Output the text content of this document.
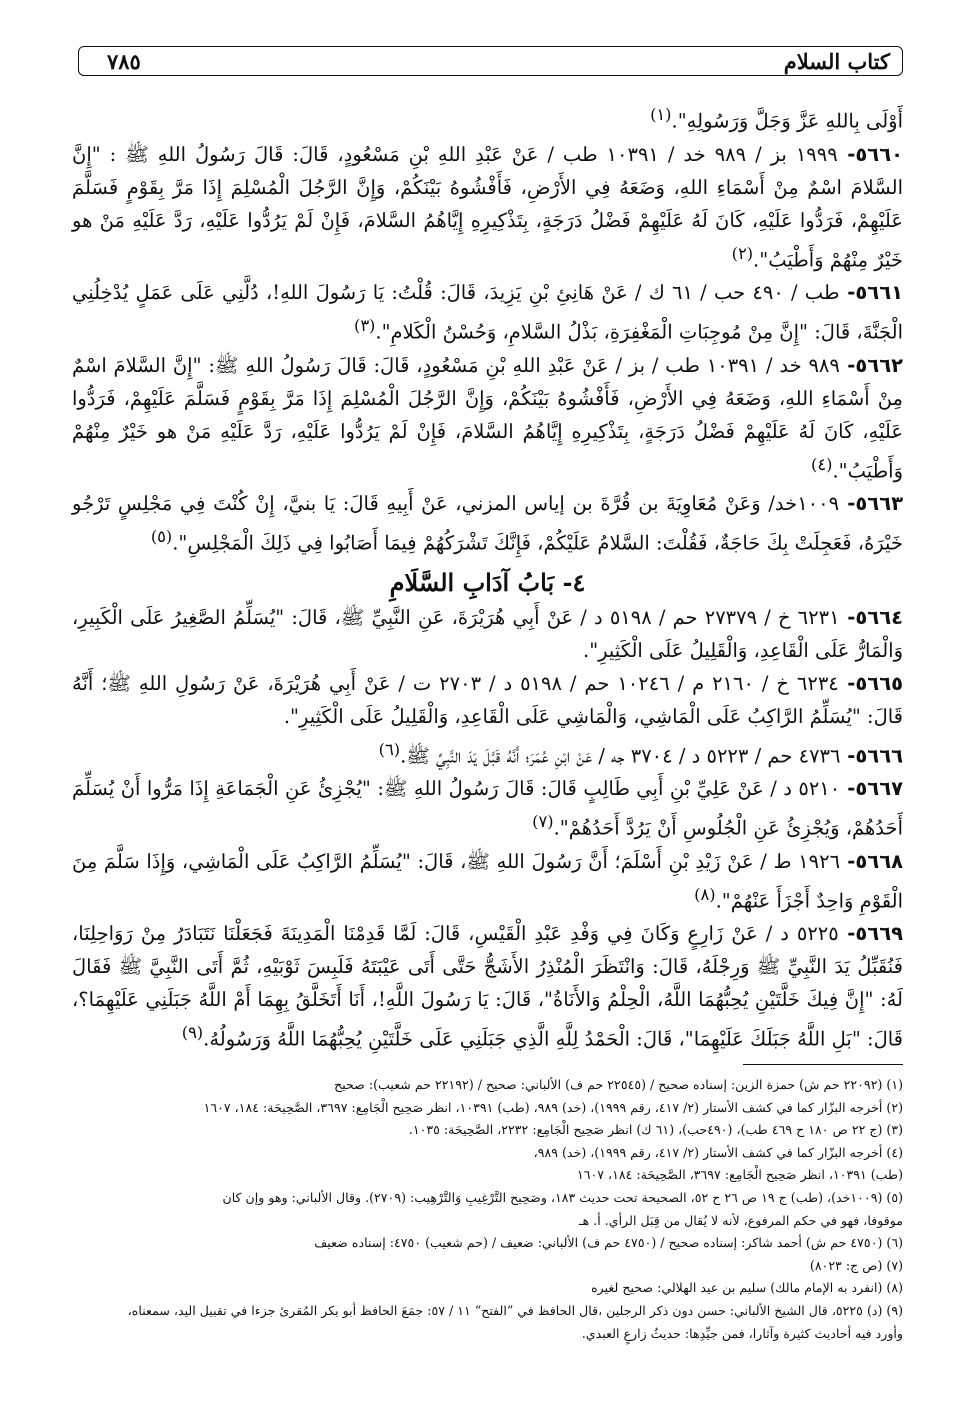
كتاب السلام
٧٨٥

أَوْلَى بِاللهِ عَزَّ وَجَلَّ وَرَسُولِهِ".$^{(١)}$

٥٦٦٠- ١٩٩٩ بز / ٩٨٩ خد / ١٠٣٩١ طب / عَنْ عَبْدِ اللهِ بْنِ مَسْعُودٍ، قَالَ: قَالَ رَسُولُ اللهِ ﷺ : "إِنَّ السَّلامَ اسْمٌ مِنْ أَسْمَاءِ اللهِ، وَضَعَهُ فِي الأَرْضِ، فَأَفْشُوهُ بَيْنَكُمْ، وَإِنَّ الرَّجُلَ الْمُسْلِمَ إِذَا مَرَّ بِقَوْمٍ فَسَلَّمَ عَلَيْهِمْ، فَرَدُّوا عَلَيْهِ، كَانَ لَهُ عَلَيْهِمْ فَضْلُ دَرَجَةٍ، بِتَذْكِيرِهِ إِيَّاهُمُ السَّلامَ، فَإِنْ لَمْ يَرُدُّوا عَلَيْهِ، رَدَّ عَلَيْهِ مَنْ هو خَيْرٌ مِنْهُمْ وَأَطْيَبُ".$^{(٢)}$

٥٦٦١- طب / ٤٩٠ حب / ٦١ ك / عَنْ هَانِئِ بْنِ يَزِيدَ، قَالَ: قُلْتُ: يَا رَسُولَ اللهِ!، دُلَّنِي عَلَى عَمَلٍ يُدْخِلُنِي الْجَنَّةَ، قَالَ: "إِنَّ مِنْ مُوجِبَاتِ الْمَغْفِرَةِ، بَذْلُ السَّلامِ، وَحُسْنُ الْكَلامِ".$^{(٣)}$

٥٦٦٢- ٩٨٩ خد / ١٠٣٩١ طب / بز / عَنْ عَبْدِ اللهِ بْنِ مَسْعُودٍ، قَالَ: قَالَ رَسُولُ اللهِ ﷺ: "إِنَّ السَّلامَ اسْمٌ مِنْ أَسْمَاءِ اللهِ، وَضَعَهُ فِي الأَرْضِ، فَأَفْشُوهُ بَيْنَكُمْ، وَإِنَّ الرَّجُلَ الْمُسْلِمَ إِذَا مَرَّ بِقَوْمٍ فَسَلَّمَ عَلَيْهِمْ، فَرَدُّوا عَلَيْهِ، كَانَ لَهُ عَلَيْهِمْ فَضْلُ دَرَجَةٍ، بِتَذْكِيرِهِ إِيَّاهُمُ السَّلامَ، فَإِنْ لَمْ يَرُدُّوا عَلَيْهِ، رَدَّ عَلَيْهِ مَنْ هو خَيْرٌ مِنْهُمْ وَأَطْيَبُ".$^{(٤)}$

٥٦٦٣- ١٠٠٩خد/ وَعَنْ مُعَاوِيَةَ بن قُرَّةَ بن إياس المزني، عَنْ أَبِيهِ قَالَ: يَا بنيَّ، إِنْ كُنْتَ فِي مَجْلِسٍ تَرْجُو خَيْرَهُ، فَعَجِلَتْ بِكَ حَاجَةٌ، فَقُلْتَ: السَّلامُ عَلَيْكُمْ، فَإِنَّكَ تَشْرَكُهُمْ فِيمَا أَصَابُوا فِي ذَلِكَ الْمَجْلِسِ".$^{(٥)}$

٤- بَابُ آدَابِ السَّلَامِ

٥٦٦٤- ٦٢٣١ خ / ٢٧٣٧٩ حم / ٥١٩٨ د / عَنْ أَبِي هُرَيْرَةَ، عَنِ النَّبِيِّ ﷺ، قَالَ: "يُسَلِّمُ الصَّغِيرُ عَلَى الْكَبِيرِ، وَالْمَارُّ عَلَى الْقَاعِدِ، وَالْقَلِيلُ عَلَى الْكَثِيرِ".

٥٦٦٥- ٦٢٣٤ خ / ٢١٦٠ م / ١٠٢٤٦ حم / ٥١٩٨ د / ٢٧٠٣ ت / عَنْ أَبِي هُرَيْرَةَ، عَنْ رَسُولِ اللهِ ﷺ؛ أَنَّهُ قَالَ: "يُسَلِّمُ الرَّاكِبُ عَلَى الْمَاشِي، وَالْمَاشِي عَلَى الْقَاعِدِ، وَالْقَلِيلُ عَلَى الْكَثِيرِ".

٥٦٦٦- ٤٧٣٦ حم / ٥٢٢٣ د / ٣٧٠٤ جه / عَنْ ابْنِ عُمَرَ؛ أَنَّهُ قَبَّلَ يَدَ النَّبِيِّ ﷺ.$^{(٦)}$

٥٦٦٧- ٥٢١٠ د / عَنْ عَلِيِّ بْنِ أَبِي طَالِبٍ قَالَ: قَالَ رَسُولُ اللهِ ﷺ: "يُجْزِئُ عَنِ الْجَمَاعَةِ إِذَا مَرُّوا أَنْ يُسَلِّمَ أَحَدُهُمْ، وَيُجْزِئُ عَنِ الْجُلُوسِ أَنْ يَرُدَّ أَحَدُهُمْ".$^{(٧)}$

٥٦٦٨- ١٩٢٦ ط / عَنْ زَيْدِ بْنِ أَسْلَمَ؛ أَنَّ رَسُولَ اللهِ ﷺ، قَالَ: "يُسَلِّمُ الرَّاكِبُ عَلَى الْمَاشِي، وَإِذَا سَلَّمَ مِنَ الْقَوْمِ وَاحِدٌ أَجْزَأَ عَنْهُمْ".$^{(٨)}$

٥٦٦٩- ٥٢٢٥ د / عَنْ زَارِعٍ وَكَانَ فِي وَفْدِ عَبْدِ الْقَيْسِ، قَالَ: لَمَّا قَدِمْنَا الْمَدِينَةَ فَجَعَلْنَا نَتَبَادَرُ مِنْ رَوَاحِلِنَا، فَنُقَبِّلُ يَدَ النَّبِيِّ ﷺ وَرِجْلَهُ، قَالَ: وَانْتَظَرَ الْمُنْذِرُ الأَشَجُّ حَتَّى أَتَى عَيْبَتَهُ فَلَبِسَ ثَوْبَيْهِ، ثُمَّ أَتَى النَّبِيَّ ﷺ فَقَالَ لَهُ: "إِنَّ فِيكَ خَلَّتَيْنِ يُحِبُّهُمَا اللَّهُ، الْحِلْمُ وَالأَنَاةُ"، قَالَ: يَا رَسُولَ اللَّهِ!، أَنَا أَتَخَلَّقُ بِهِمَا أَمْ اللَّهُ جَبَلَنِي عَلَيْهِمَا؟، قَالَ: "بَلِ اللَّهُ جَبَلَكَ عَلَيْهِمَا"، قَالَ: الْحَمْدُ لِلَّهِ الَّذِي جَبَلَنِي عَلَى خَلَّتَيْنِ يُحِبُّهُمَا اللَّهُ وَرَسُولُهُ.$^{(٩)}$

(١) (٢٢٠٩٢ حم ش) حمزة الزين: إسناده صحيح / (٢٢٥٤٥ حم ف) الألباني: صحيح / (٢٢١٩٢ حم شعيب): صحيح

(٢) أخرجه البزّار كما في كشف الأستار (٢/ ٤١٧، رقم ١٩٩٩)، (خد) ٩٨٩، (طب) ١٠٣٩١، انظر صَحِيح الْجَامِع: ٣٦٩٧، الصَّحِيحَة: ١٨٤، ١٦٠٧

(٣) (ج ٢٢ ص ١٨٠ ح ٤٦٩ طب)، (٤٩٠حب)، (٦١ ك) انظر صَحِيح الْجَامِع: ٢٢٣٢، الصَّحِيحَة: ١٠٣٥.

(٤) أخرجه البزّار كما في كشف الأستار (٢/ ٤١٧، رقم ١٩٩٩)، (خد) ٩٨٩،

(طب) ١٠٣٩١، انظر صَحِيح الْجَامِع: ٣٦٩٧، الصَّحِيحَة: ١٨٤، ١٦٠٧

(٥) (١٠٠٩خد)، (طب) ج ١٩ ص ٢٦ ح ٥٢، الصحيحة تحت حديث ١٨٣، وصَحِيح التَّرْغِيبِ وَالتَّرْهِيب: (٢٧٠٩). وقال الألباني: وهو وإن كان

موقوفا، فهو في حكم المرفوع، لأنه لا يُقال من قِبَل الرأي. أ. هـ

(٦) (٤٧٥٠ حم ش) أحمد شاكر: إسناده صحيح / (٤٧٥٠ حم ف) الألباني: ضعيف / (حم شعيب) ٤٧٥٠: إسناده ضعيف

(٧) (ص ج: ٨٠٢٣)

(٨) (انفرد به الإمام مالك) سليم بن عيد الهلالي: صحيح لغيره

(٩) (د) ٥٢٢٥، قال الشيخ الألباني: حسن دون ذكر الرجلين ،قال الحافظ في ”الفتح“ ١١ / ٥٧: جمَعَ الحافظ أبو بكر المُقرئ جزءا في تقبيل اليد، سمعناه،

وأورد فيه أحاديث كثيرة وآثارا، فمن جيِّدِها: حديثُ زارعٍ العبدي.
